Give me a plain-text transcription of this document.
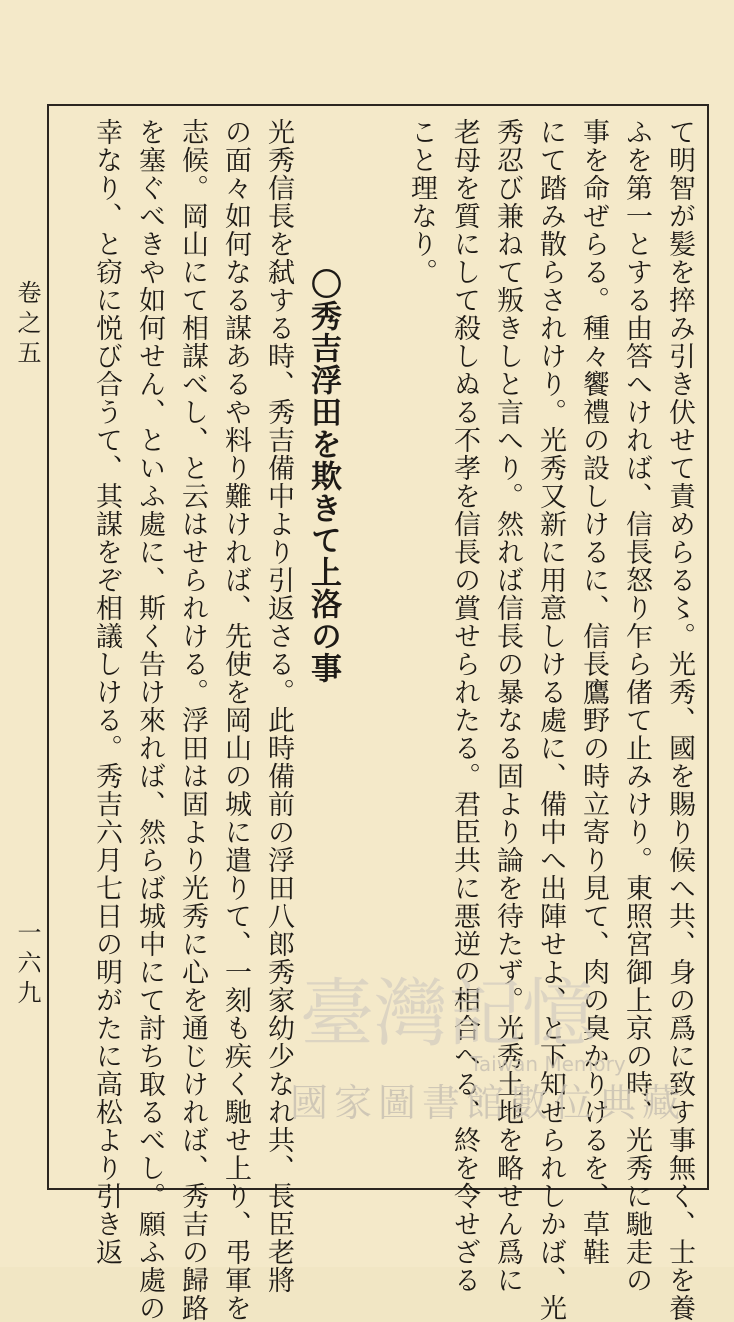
て明智が髪を捽み引き伏せて責めらる〻。光秀、國を賜り候へ共、身の爲に致す事無く、士を養
ふを第一とする由答へければ、信長怒り乍ら偖て止みけり。東照宮御上京の時、光秀に馳走の
事を命ぜらる。種々饗禮の設しけるに、信長鷹野の時立寄り見て、肉の臭かりけるを、草鞋
にて踏み散らされけり。光秀又新に用意しける處に、備中へ出陣せよ、と下知せられしかば、光
秀忍び兼ねて叛きしと言へり。然れば信長の暴なる固より論を待たず。光秀土地を略せん爲に
老母を質にして殺しぬる不孝を信長の賞せられたる。君臣共に悪逆の相合へる、終を令せざる
こと理なり。
〇秀吉浮田を欺きて上洛の事
光秀信長を弑する時、秀吉備中より引返さる。此時備前の浮田八郎秀家幼少なれ共、長臣老將
の面々如何なる謀あるや料り難ければ、先使を岡山の城に遣りて、一刻も疾く馳せ上り、弔軍を
志候。岡山にて相謀べし、と云はせられける。浮田は固より光秀に心を通じければ、秀吉の歸路
を塞ぐべきや如何せん、といふ處に、斯く告け來れば、然らば城中にて討ち取るべし。願ふ處の
幸なり、と窃に悦び合うて、其謀をぞ相議しける。秀吉六月七日の明がたに高松より引き返
卷之五
一六九
臺灣記憶
Taiwan Memory
國家圖書館數位典藏
